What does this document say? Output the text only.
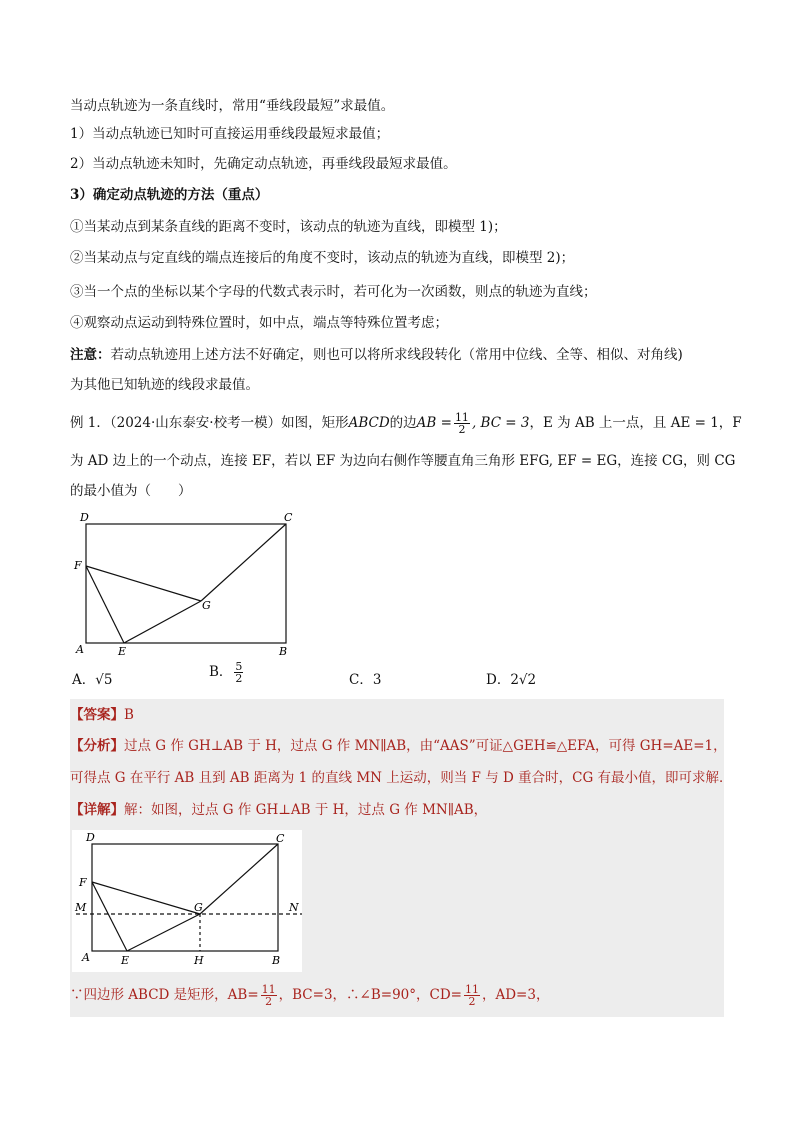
当动点轨迹为一条直线时，常用“垂线段最短”求最值。
1）当动点轨迹已知时可直接运用垂线段最短求最值；
2）当动点轨迹未知时，先确定动点轨迹，再垂线段最短求最值。
3）确定动点轨迹的方法（重点）
①当某动点到某条直线的距离不变时，该动点的轨迹为直线，即模型 1)；
②当某动点与定直线的端点连接后的角度不变时，该动点的轨迹为直线，即模型 2)；
③当一个点的坐标以某个字母的代数式表示时，若可化为一次函数，则点的轨迹为直线；
④观察动点运动到特殊位置时，如中点，端点等特殊位置考虑；
注意：若动点轨迹用上述方法不好确定，则也可以将所求线段转化（常用中位线、全等、相似、对角线)
为其他已知轨迹的线段求最值。
例 1．（2024·山东泰安·校考一模）如图，矩形ABCD的边AB = $\frac{11}{2}$ , BC = 3，E 为 AB 上一点，且 AE = 1，F
为 AD 边上的一个动点，连接 EF，若以 EF 为边向右侧作等腰直角三角形 EFG, EF = EG，连接 CG，则 CG
的最小值为（　　）
D	C
F
G
A	E	B
A．√5	B． $\frac{5}{2}$	C．3	D．2√2
【答案】B
【分析】过点 G 作 GH⊥AB 于 H，过点 G 作 MN∥AB，由“AAS”可证△GEH≌△EFA，可得 GH=AE=1，
可得点 G 在平行 AB 且到 AB 距离为 1 的直线 MN 上运动，则当 F 与 D 重合时，CG 有最小值，即可求解．
【详解】解：如图，过点 G 作 GH⊥AB 于 H，过点 G 作 MN∥AB，
D	C
F
M	G	N
A	E	H	B
∵四边形 ABCD 是矩形，$AB= \frac{11}{2}$ ，BC=3，∴∠B=90°，$CD= \frac{11}{2}$ ，AD=3，
